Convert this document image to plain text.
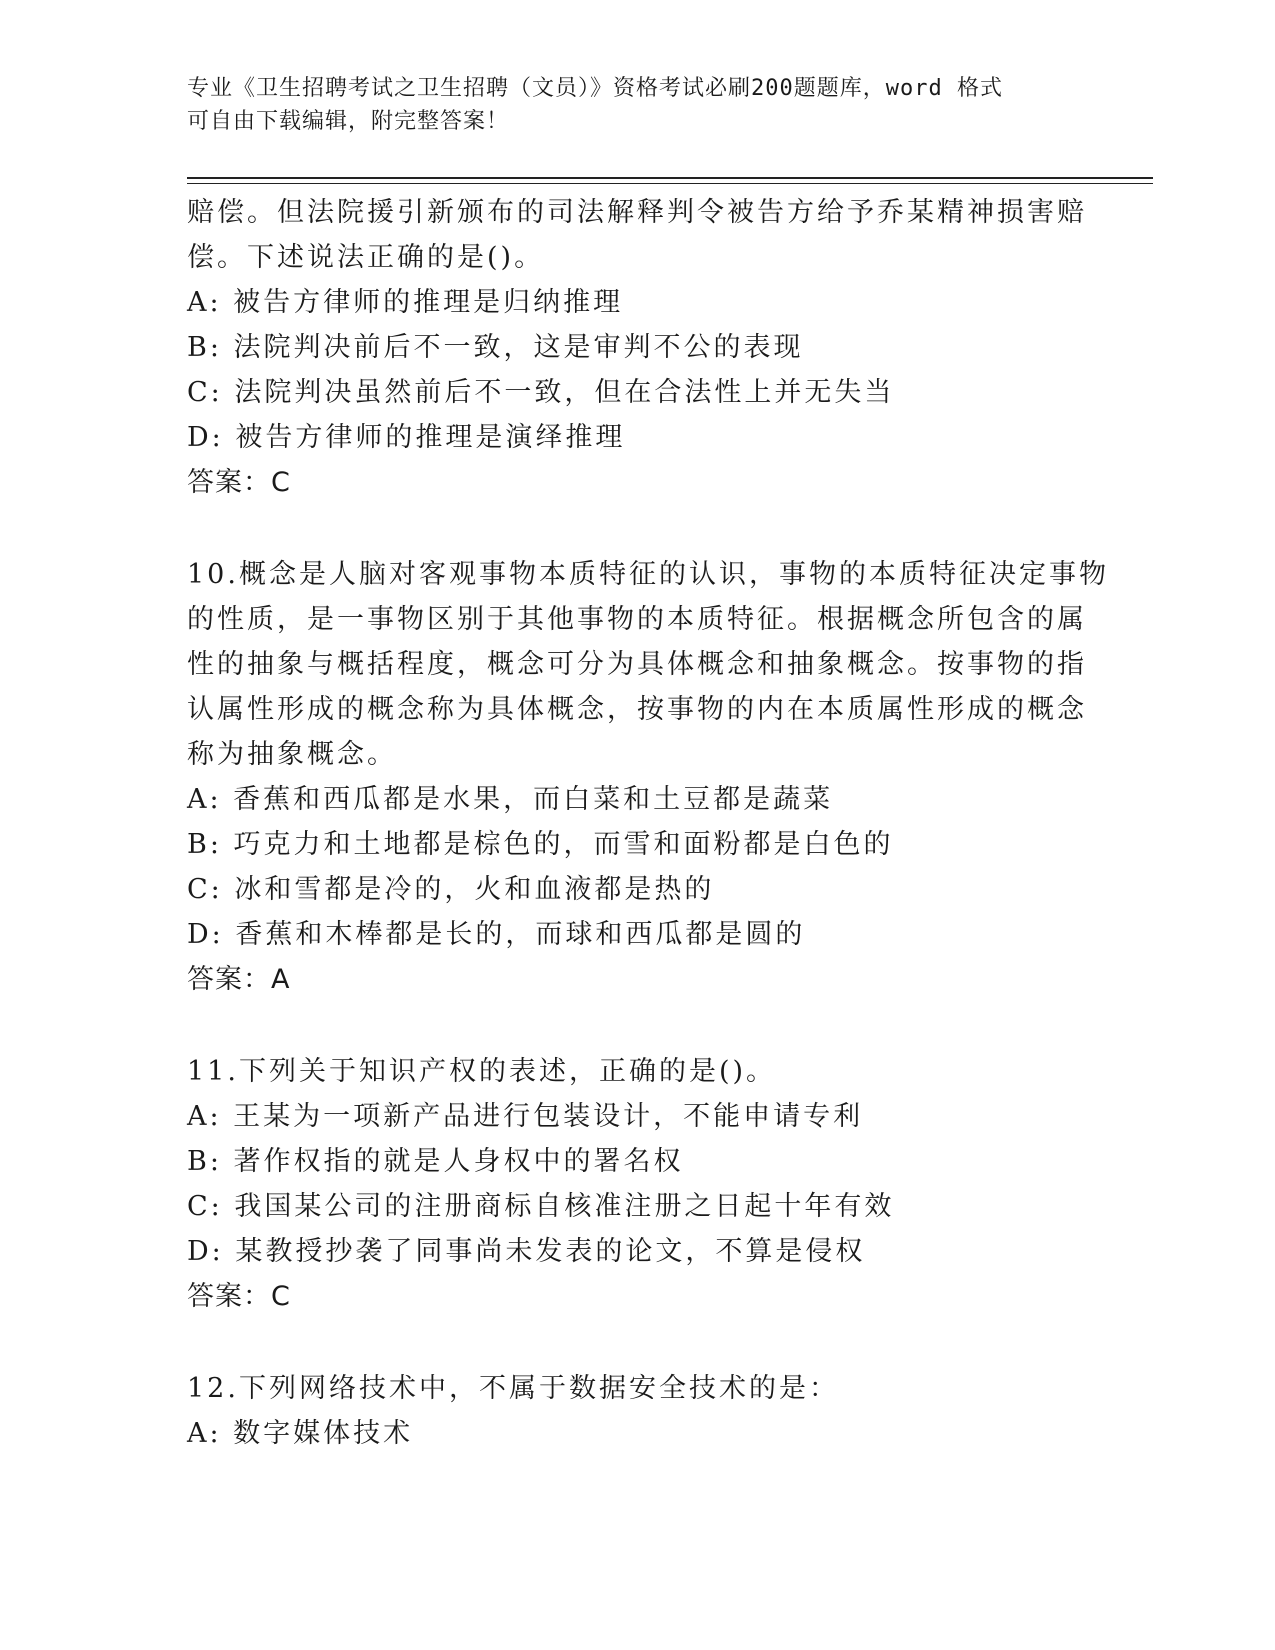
专业《卫生招聘考试之卫生招聘（文员）》资格考试必刷200题题库，word 格式
可自由下载编辑，附完整答案！
赔偿。但法院援引新颁布的司法解释判令被告方给予乔某精神损害赔
偿。下述说法正确的是()。
A: 被告方律师的推理是归纳推理
B: 法院判决前后不一致，这是审判不公的表现
C: 法院判决虽然前后不一致，但在合法性上并无失当
D: 被告方律师的推理是演绎推理
答案：C
10.概念是人脑对客观事物本质特征的认识，事物的本质特征决定事物
的性质，是一事物区别于其他事物的本质特征。根据概念所包含的属
性的抽象与概括程度，概念可分为具体概念和抽象概念。按事物的指
认属性形成的概念称为具体概念，按事物的内在本质属性形成的概念
称为抽象概念。
A: 香蕉和西瓜都是水果，而白菜和土豆都是蔬菜
B: 巧克力和土地都是棕色的，而雪和面粉都是白色的
C: 冰和雪都是冷的，火和血液都是热的
D: 香蕉和木棒都是长的，而球和西瓜都是圆的
答案：A
11.下列关于知识产权的表述，正确的是()。
A: 王某为一项新产品进行包装设计，不能申请专利
B: 著作权指的就是人身权中的署名权
C: 我国某公司的注册商标自核准注册之日起十年有效
D: 某教授抄袭了同事尚未发表的论文，不算是侵权
答案：C
12.下列网络技术中，不属于数据安全技术的是：
A: 数字媒体技术
